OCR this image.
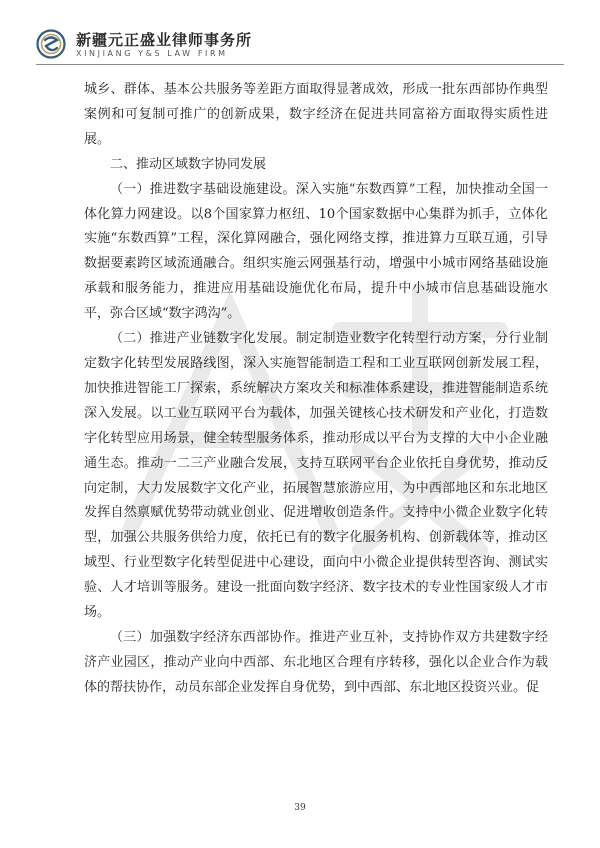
新疆元正盛业律师事务所
XINJIANG Y&S LAW FIRM

城乡、群体、基本公共服务等差距方面取得显著成效，形成一批东西部协作典型案例和可复制可推广的创新成果，数字经济在促进共同富裕方面取得实质性进展。

二、推动区域数字协同发展

（一）推进数字基础设施建设。深入实施“东数西算”工程，加快推动全国一体化算力网建设。以8个国家算力枢纽、10个国家数据中心集群为抓手，立体化实施“东数西算”工程，深化算网融合，强化网络支撑，推进算力互联互通，引导数据要素跨区域流通融合。组织实施云网强基行动，增强中小城市网络基础设施承载和服务能力，推进应用基础设施优化布局，提升中小城市信息基础设施水平，弥合区域“数字鸿沟”。

（二）推进产业链数字化发展。制定制造业数字化转型行动方案，分行业制定数字化转型发展路线图，深入实施智能制造工程和工业互联网创新发展工程，加快推进智能工厂探索，系统解决方案攻关和标准体系建设，推进智能制造系统深入发展。以工业互联网平台为载体，加强关键核心技术研发和产业化，打造数字化转型应用场景，健全转型服务体系，推动形成以平台为支撑的大中小企业融通生态。推动一二三产业融合发展，支持互联网平台企业依托自身优势，推动反向定制，大力发展数字文化产业，拓展智慧旅游应用，为中西部地区和东北地区发挥自然禀赋优势带动就业创业、促进增收创造条件。支持中小微企业数字化转型，加强公共服务供给力度，依托已有的数字化服务机构、创新载体等，推动区域型、行业型数字化转型促进中心建设，面向中小微企业提供转型咨询、测试实验、人才培训等服务。建设一批面向数字经济、数字技术的专业性国家级人才市场。

（三）加强数字经济东西部协作。推进产业互补，支持协作双方共建数字经济产业园区，推动产业向中西部、东北地区合理有序转移，强化以企业合作为载体的帮扶协作，动员东部企业发挥自身优势，到中西部、东北地区投资兴业。促

39
